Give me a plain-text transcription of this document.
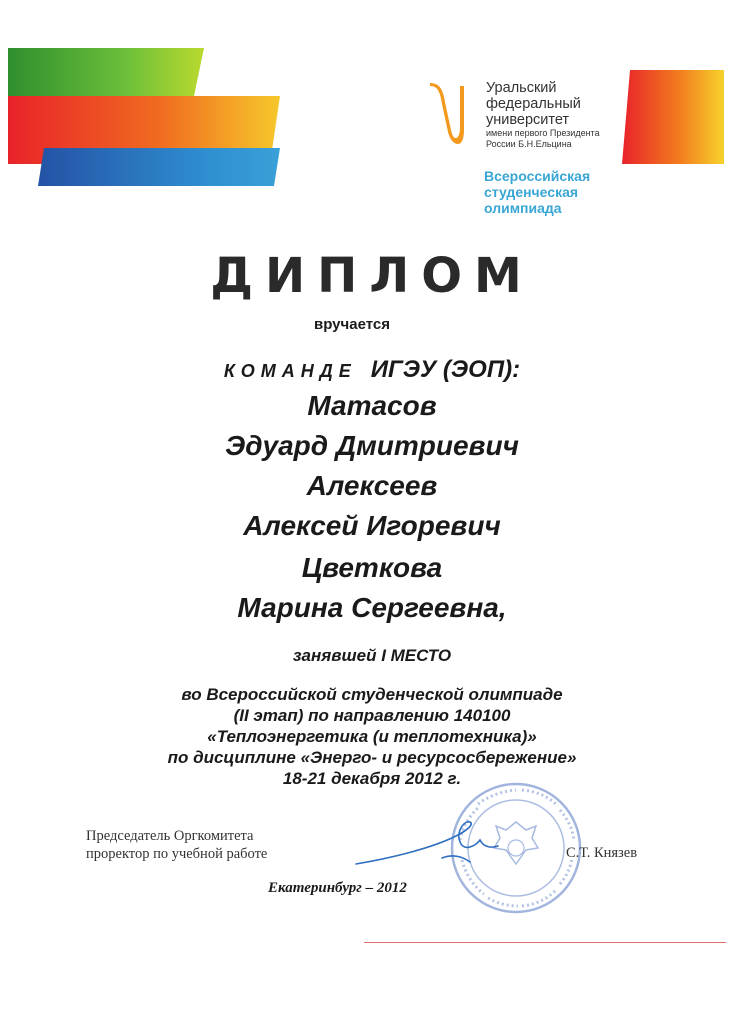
Уральский
федеральный
университет
имени первого Президента
России Б.Н.Ельцина
Всероссийская
студенческая
олимпиада
ДИПЛОМ
вручается
КОМАНДЕ ИГЭУ (ЭОП):
Матасов
Эдуард Дмитриевич
Алексеев
Алексей Игоревич
Цветкова
Марина Сергеевна,
занявшей I МЕСТО
во Всероссийской студенческой олимпиаде
(II этап) по направлению 140100
«Теплоэнергетика (и теплотехника)»
по дисциплине «Энерго- и ресурсосбережение»
18-21 декабря 2012 г.
Председатель Оргкомитета
проректор по учебной работе	С.Т. Князев
Екатеринбург – 2012
